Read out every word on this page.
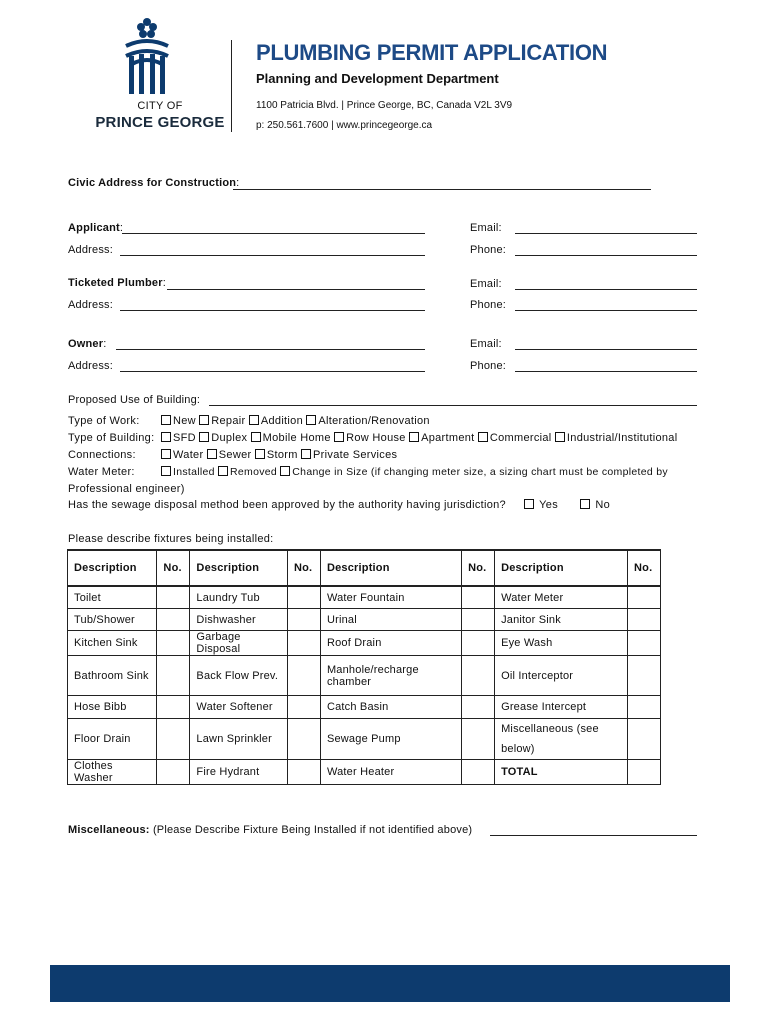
CITY OF
PRINCE GEORGE
PLUMBING PERMIT APPLICATION
Planning and Development Department
1100 Patricia Blvd. | Prince George, BC, Canada V2L 3V9
p: 250.561.7600 | www.princegeorge.ca
Civic Address for Construction:
Applicant:	Email:
Address:	Phone:
Ticketed Plumber:	Email:
Address:	Phone:
Owner:	Email:
Address:	Phone:
Proposed Use of Building:
Type of Work:	New Repair Addition Alteration/Renovation
Type of Building:	SFD Duplex Mobile Home Row House Apartment Commercial Industrial/Institutional
Connections:	Water Sewer Storm Private Services
Water Meter:	Installed Removed Change in Size (if changing meter size, a sizing chart must be completed by
Professional engineer)
Has the sewage disposal method been approved by the authority having jurisdiction?	Yes	No
Please describe fixtures being installed:
Description	No.	Description	No.	Description	No.	Description	No.
Toilet		Laundry Tub		Water Fountain		Water Meter	
Tub/Shower		Dishwasher		Urinal		Janitor Sink	
Kitchen Sink		Garbage Disposal		Roof Drain		Eye Wash	
Bathroom Sink		Back Flow Prev.		Manhole/recharge chamber		Oil Interceptor	
Hose Bibb		Water Softener		Catch Basin		Grease Intercept	
Floor Drain		Lawn Sprinkler		Sewage Pump		Miscellaneous (see below)	
Clothes Washer		Fire Hydrant		Water Heater		TOTAL	
Miscellaneous: (Please Describe Fixture Being Installed if not identified above)
